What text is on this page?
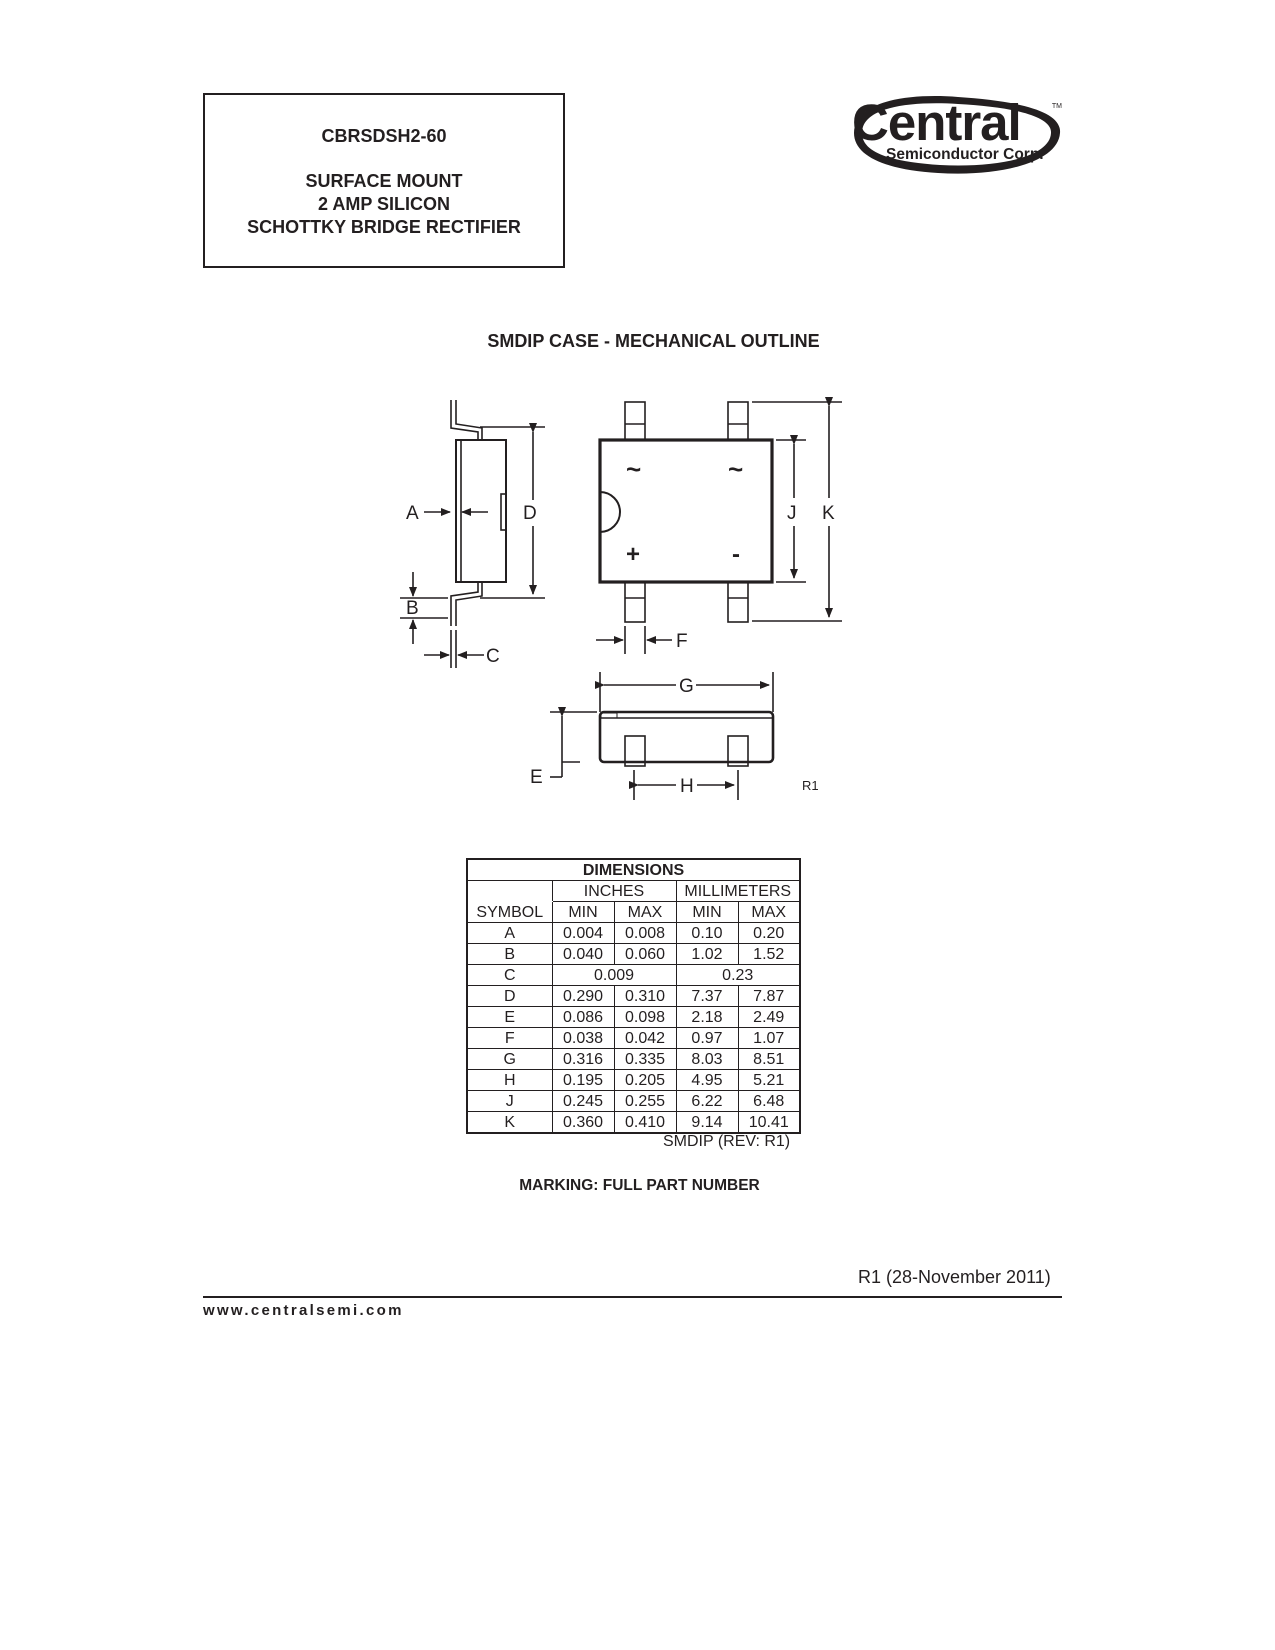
CBRSDSH2-60
SURFACE MOUNT
2 AMP SILICON
SCHOTTKY BRIDGE RECTIFIER
Central
Semiconductor Corp.
TM
SMDIP CASE - MECHANICAL OUTLINE
A
B
C
D
E
F
G
H
J K
~	~
+	-
R1
DIMENSIONS				
	INCHES		MILLIMETERS	
SYMBOL	MIN	MAX	MIN	MAX
A	0.004	0.008	0.10	0.20
B	0.040	0.060	1.02	1.52
C	0.009		0.23	
D	0.290	0.310	7.37	7.87
E	0.086	0.098	2.18	2.49
F	0.038	0.042	0.97	1.07
G	0.316	0.335	8.03	8.51
H	0.195	0.205	4.95	5.21
J	0.245	0.255	6.22	6.48
K	0.360	0.410	9.14	10.41
SMDIP (REV: R1)
MARKING: FULL PART NUMBER
R1 (28-November 2011)
www.centralsemi.com
